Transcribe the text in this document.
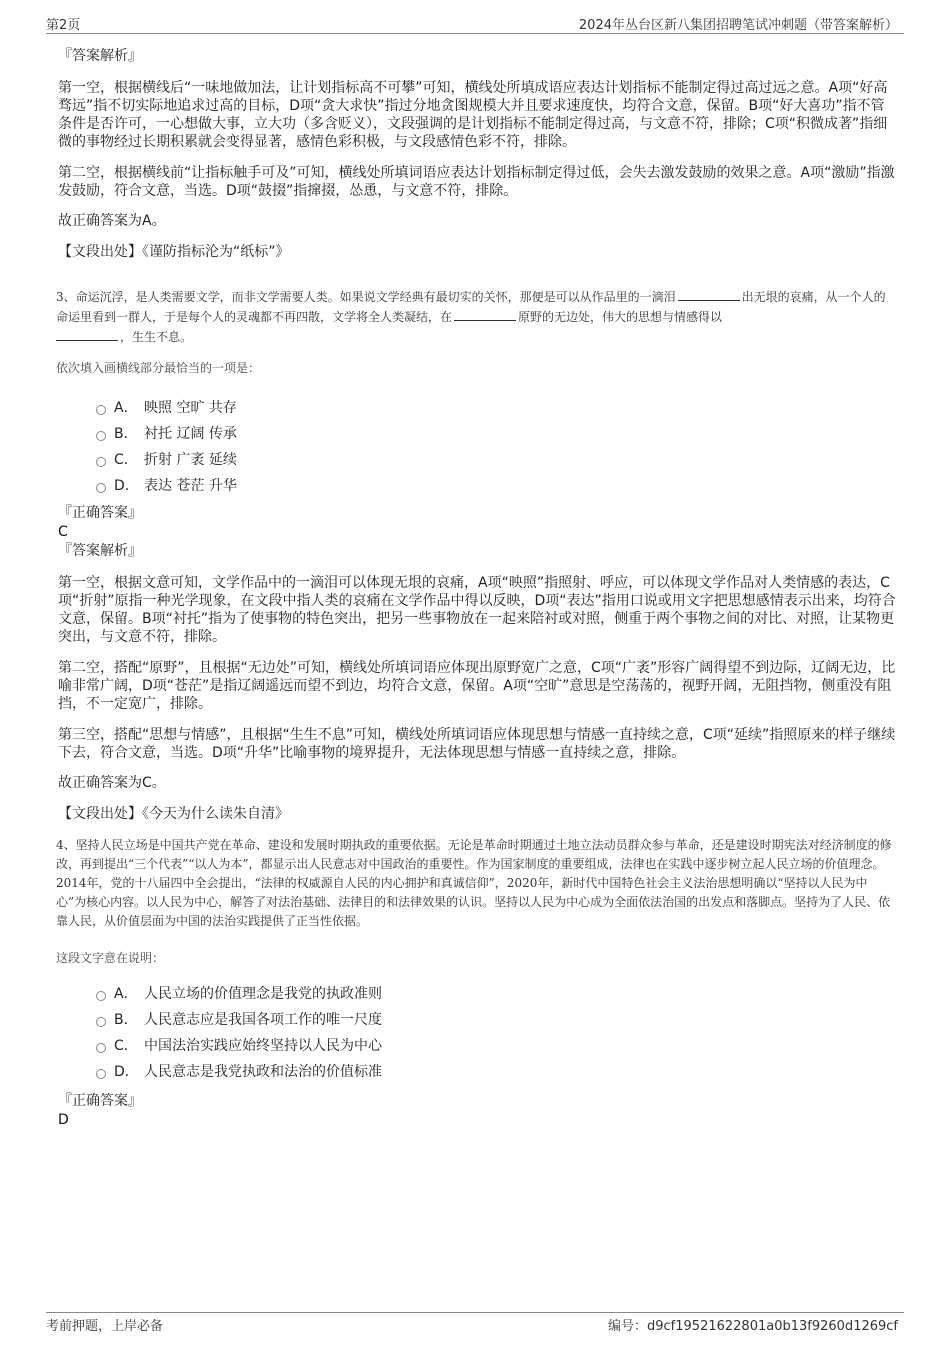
第2页	2024年丛台区新八集团招聘笔试冲刺题（带答案解析）
『答案解析』

第一空，根据横线后“一味地做加法，让计划指标高不可攀”可知，横线处所填成语应表达计划指标不能制定得过高过远之意。A项“好高骛远”指不切实际地追求过高的目标，D项“贪大求快”指过分地贪图规模大并且要求速度快，均符合文意，保留。B项“好大喜功”指不管条件是否许可，一心想做大事，立大功（多含贬义），文段强调的是计划指标不能制定得过高，与文意不符，排除；C项“积微成著”指细微的事物经过长期积累就会变得显著，感情色彩积极，与文段感情色彩不符，排除。

第二空，根据横线前“让指标触手可及”可知，横线处所填词语应表达计划指标制定得过低，会失去激发鼓励的效果之意。A项“激励”指激发鼓励，符合文意，当选。D项“鼓掇”指撺掇，怂恿，与文意不符，排除。

故正确答案为A。

【文段出处】《谨防指标沦为“纸标”》

3、命运沉浮，是人类需要文学，而非文学需要人类。如果说文学经典有最切实的关怀，那便是可以从作品里的一滴泪	出无垠的哀痛，从一个人的命运里看到一群人，于是每个人的灵魂都不再四散，文学将全人类凝结，在	原野的无边处，伟大的思想与情感得以
，生生不息。

依次填入画横线部分最恰当的一项是：

A． 映照 空旷 共存
B． 衬托 辽阔 传承
C． 折射 广袤 延续
D． 表达 苍茫 升华
『正确答案』
C
『答案解析』

第一空，根据文意可知，文学作品中的一滴泪可以体现无垠的哀痛，A项“映照”指照射、呼应，可以体现文学作品对人类情感的表达，C项“折射”原指一种光学现象，在文段中指人类的哀痛在文学作品中得以反映，D项“表达”指用口说或用文字把思想感情表示出来，均符合文意，保留。B项“衬托”指为了使事物的特色突出，把另一些事物放在一起来陪衬或对照，侧重于两个事物之间的对比、对照，让某物更突出，与文意不符，排除。

第二空，搭配“原野”，且根据“无边处”可知，横线处所填词语应体现出原野宽广之意，C项“广袤”形容广阔得望不到边际，辽阔无边，比喻非常广阔，D项“苍茫”是指辽阔遥远而望不到边，均符合文意，保留。A项“空旷”意思是空荡荡的，视野开阔，无阻挡物，侧重没有阻挡，不一定宽广，排除。

第三空，搭配“思想与情感”，且根据“生生不息”可知，横线处所填词语应体现思想与情感一直持续之意，C项“延续”指照原来的样子继续下去，符合文意，当选。D项“升华”比喻事物的境界提升，无法体现思想与情感一直持续之意，排除。

故正确答案为C。

【文段出处】《今天为什么读朱自清》

4、坚持人民立场是中国共产党在革命、建设和发展时期执政的重要依据。无论是革命时期通过土地立法动员群众参与革命，还是建设时期宪法对经济制度的修改，再到提出“三个代表”“以人为本”，都显示出人民意志对中国政治的重要性。作为国家制度的重要组成，法律也在实践中逐步树立起人民立场的价值理念。2014年，党的十八届四中全会提出，“法律的权威源自人民的内心拥护和真诚信仰”，2020年，新时代中国特色社会主义法治思想明确以“坚持以人民为中心”为核心内容。以人民为中心，解答了对法治基础、法律目的和法律效果的认识。坚持以人民为中心成为全面依法治国的出发点和落脚点。坚持为了人民、依靠人民，从价值层面为中国的法治实践提供了正当性依据。

这段文字意在说明：

A． 人民立场的价值理念是我党的执政准则
B． 人民意志应是我国各项工作的唯一尺度
C． 中国法治实践应始终坚持以人民为中心
D． 人民意志是我党执政和法治的价值标准
『正确答案』
D
考前押题，上岸必备	编号：d9cf19521622801a0b13f9260d1269cf
